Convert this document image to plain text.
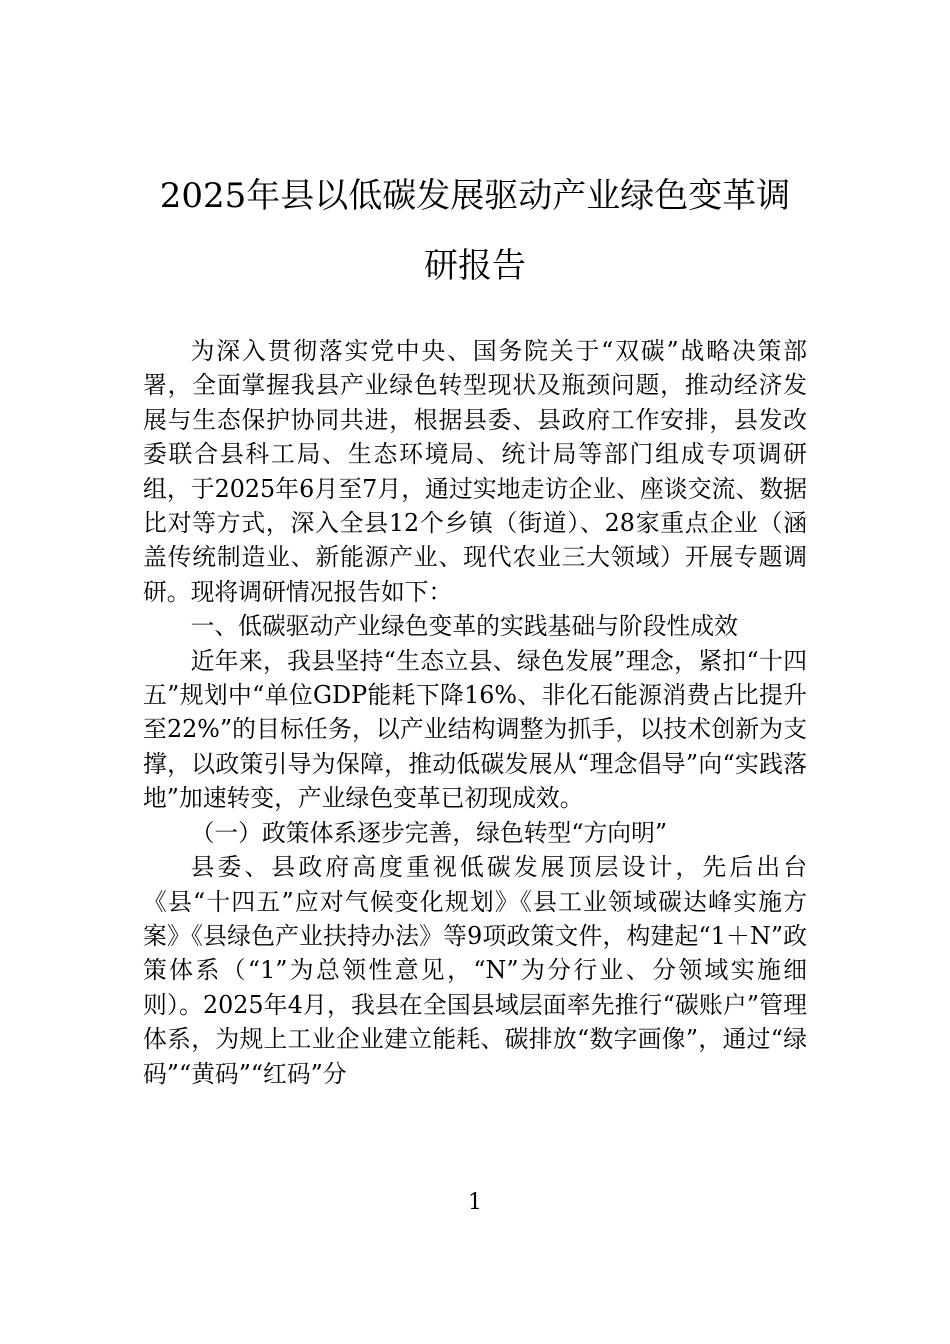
2025年县以低碳发展驱动产业绿色变革调
研报告

为深入贯彻落实党中央、国务院关于“双碳”战略决策部署，全面掌握我县产业绿色转型现状及瓶颈问题，推动经济发展与生态保护协同共进，根据县委、县政府工作安排，县发改委联合县科工局、生态环境局、统计局等部门组成专项调研组，于2025年6月至7月，通过实地走访企业、座谈交流、数据比对等方式，深入全县12个乡镇（街道）、28家重点企业（涵盖传统制造业、新能源产业、现代农业三大领域）开展专题调研。现将调研情况报告如下：

一、低碳驱动产业绿色变革的实践基础与阶段性成效

近年来，我县坚持“生态立县、绿色发展”理念，紧扣“十四五”规划中“单位GDP能耗下降16%、非化石能源消费占比提升至22%”的目标任务，以产业结构调整为抓手，以技术创新为支撑，以政策引导为保障，推动低碳发展从“理念倡导”向“实践落地”加速转变，产业绿色变革已初现成效。

（一）政策体系逐步完善，绿色转型“方向明”

县委、县政府高度重视低碳发展顶层设计，先后出台《县“十四五”应对气候变化规划》《县工业领域碳达峰实施方案》《县绿色产业扶持办法》等9项政策文件，构建起“1＋N”政策体系（“1”为总领性意见，“N”为分行业、分领域实施细则）。2025年4月，我县在全国县域层面率先推行“碳账户”管理体系，为规上工业企业建立能耗、碳排放“数字画像”，通过“绿码”“黄码”“红码”分

1
